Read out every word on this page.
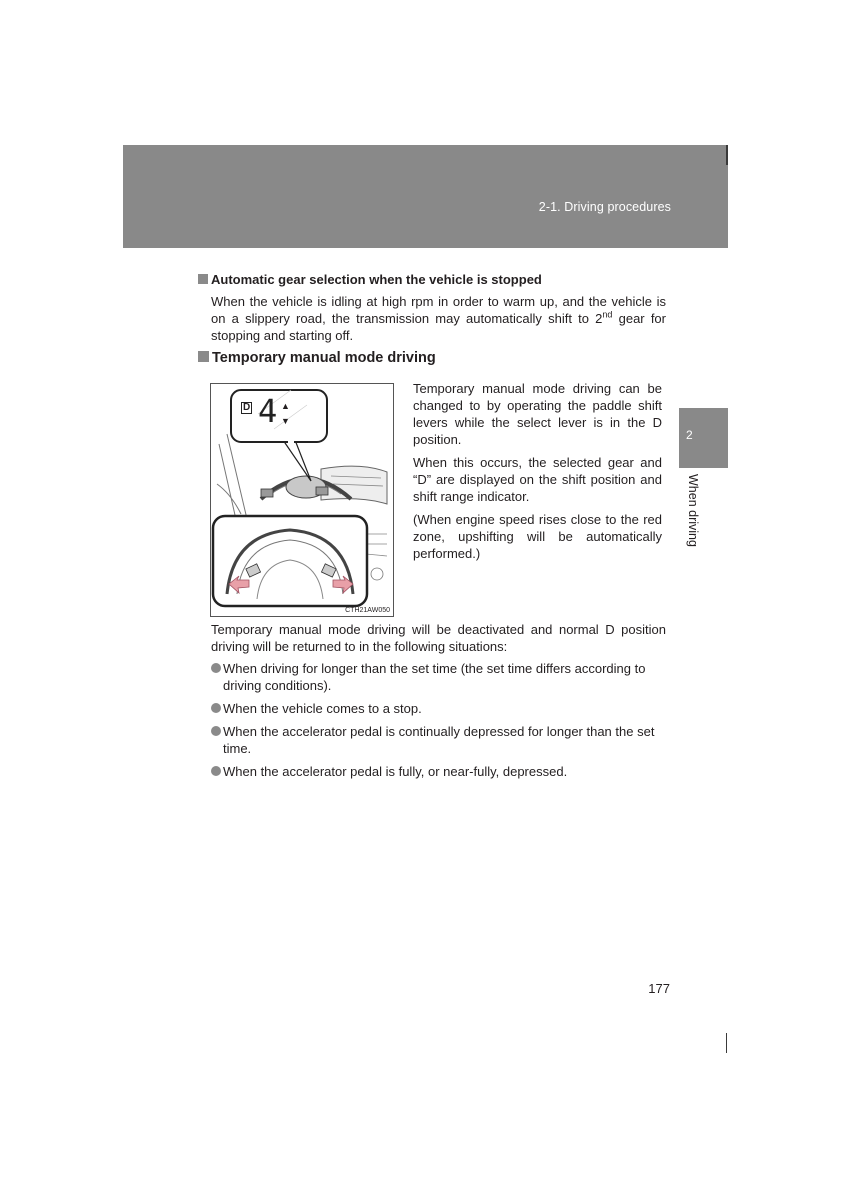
2-1. Driving procedures
2
When driving
Automatic gear selection when the vehicle is stopped
When the vehicle is idling at high rpm in order to warm up, and the vehicle is on a slippery road, the transmission may automatically shift to 2nd gear for stopping and starting off.
Temporary manual mode driving
D 4 ▲
▼
CTH21AW050
Temporary manual mode driving can be changed to by operating the paddle shift levers while the select lever is in the D position.
When this occurs, the selected gear and “D” are displayed on the shift position and shift range indicator.
(When engine speed rises close to the red zone, upshifting will be automatically performed.)
Temporary manual mode driving will be deactivated and normal D position driving will be returned to in the following situations:
When driving for longer than the set time (the set time differs according to driving conditions).
When the vehicle comes to a stop.
When the accelerator pedal is continually depressed for longer than the set time.
When the accelerator pedal is fully, or near-fully, depressed.
177
